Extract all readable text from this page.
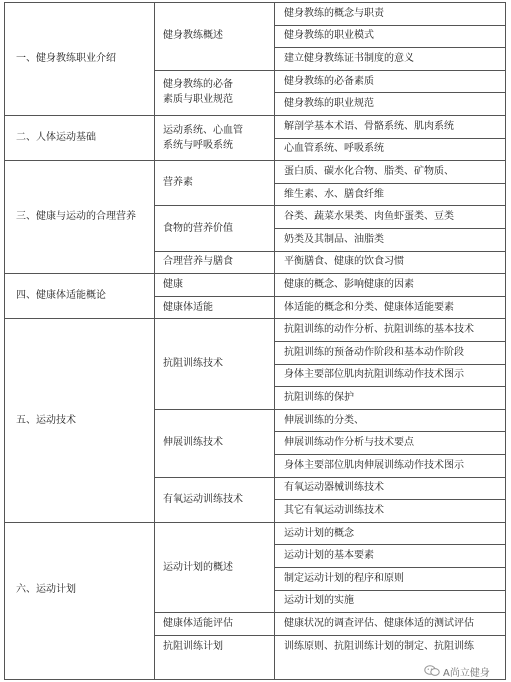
健身教练的概念与职责
健身教练的职业模式
建立健身教练证书制度的意义
健身教练概述
健身教练的必备素质
健身教练的职业规范
健身教练的必备
素质与职业规范
一、健身教练职业介绍
解剖学基本术语、骨骼系统、肌肉系统
心血管系统、呼吸系统
运动系统、心血管
系统与呼吸系统
二、人体运动基础
蛋白质、碳水化合物、脂类、矿物质、
维生素、水、膳食纤维
营养素
谷类、蔬菜水果类、肉鱼虾蛋类、豆类
奶类及其制品、油脂类
食物的营养价值
平衡膳食、健康的饮食习惯
合理营养与膳食
三、健康与运动的合理营养
健康的概念、影响健康的因素
健康
体适能的概念和分类、健康体适能要素
健康体适能
四、健康体适能概论
抗阻训练的动作分析、抗阻训练的基本技术
抗阻训练的预备动作阶段和基本动作阶段
身体主要部位肌肉抗阻训练动作技术图示
抗阻训练的保护
抗阻训练技术
伸展训练的分类、
伸展训练动作分析与技术要点
身体主要部位肌肉伸展训练动作技术图示
伸展训练技术
有氧运动器械训练技术
其它有氧运动训练技术
有氧运动训练技术
五、运动技术
运动计划的概念
运动计划的基本要素
制定运动计划的程序和原则
运动计划的实施
运动计划的概述
健康状况的调查评估、健康体适的测试评估
健康体适能评估
训练原则、抗阻训练计划的制定、抗阻训练
抗阻训练计划
六、运动计划
A尚立健身
